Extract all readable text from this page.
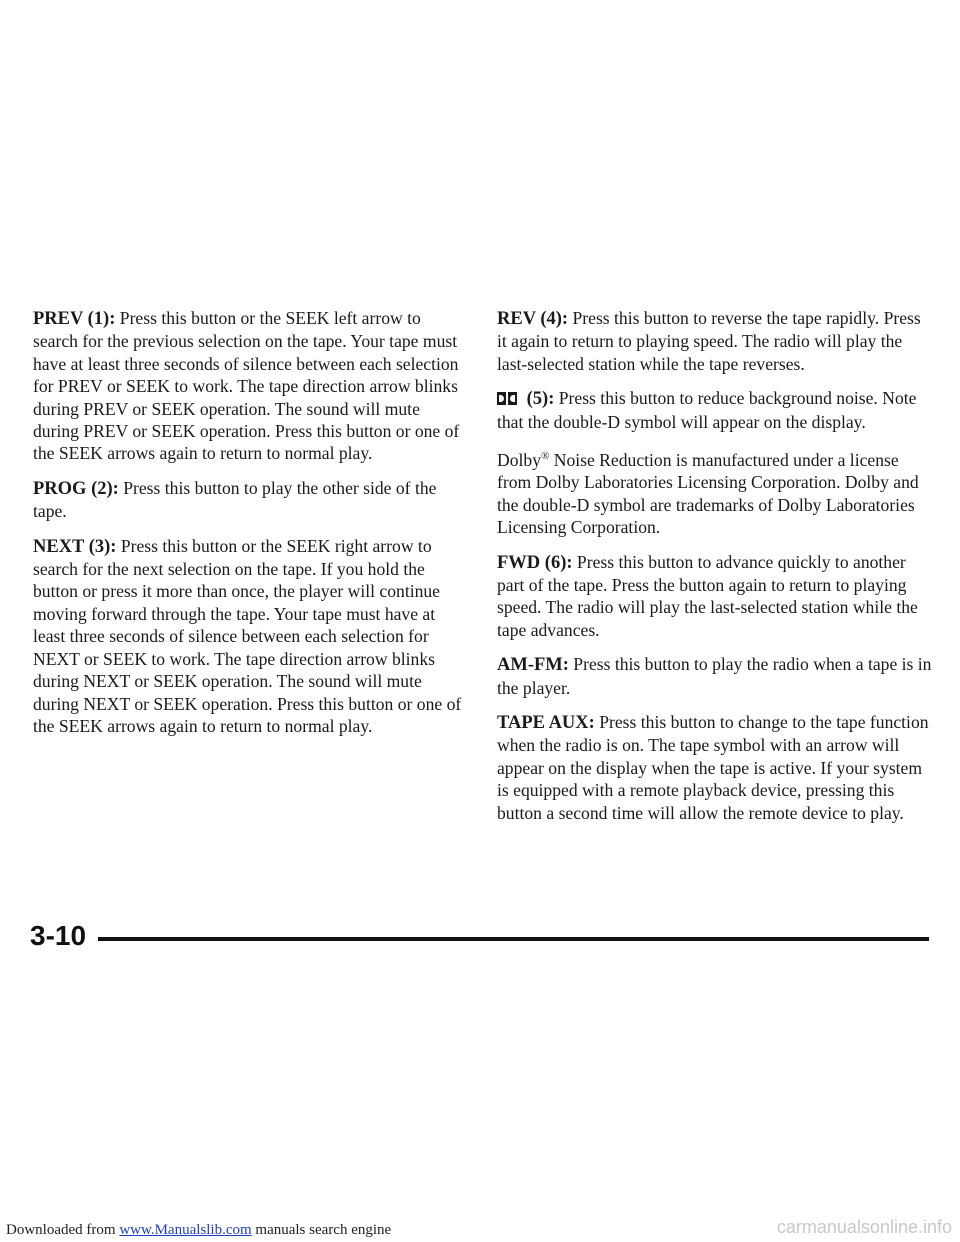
PREV (1): Press this button or the SEEK left arrow to search for the previous selection on the tape. Your tape must have at least three seconds of silence between each selection for PREV or SEEK to work. The tape direction arrow blinks during PREV or SEEK operation. The sound will mute during PREV or SEEK operation. Press this button or one of the SEEK arrows again to return to normal play.

PROG (2): Press this button to play the other side of the tape.

NEXT (3): Press this button or the SEEK right arrow to search for the next selection on the tape. If you hold the button or press it more than once, the player will continue moving forward through the tape. Your tape must have at least three seconds of silence between each selection for NEXT or SEEK to work. The tape direction arrow blinks during NEXT or SEEK operation. The sound will mute during NEXT or SEEK operation. Press this button or one of the SEEK arrows again to return to normal play.

REV (4): Press this button to reverse the tape rapidly. Press it again to return to playing speed. The radio will play the last-selected station while the tape reverses.

(5): Press this button to reduce background noise. Note that the double-D symbol will appear on the display.

Dolby® Noise Reduction is manufactured under a license from Dolby Laboratories Licensing Corporation. Dolby and the double-D symbol are trademarks of Dolby Laboratories Licensing Corporation.

FWD (6): Press this button to advance quickly to another part of the tape. Press the button again to return to playing speed. The radio will play the last-selected station while the tape advances.

AM-FM: Press this button to play the radio when a tape is in the player.

TAPE AUX: Press this button to change to the tape function when the radio is on. The tape symbol with an arrow will appear on the display when the tape is active. If your system is equipped with a remote playback device, pressing this button a second time will allow the remote device to play.

3-10
Downloaded from www.Manualslib.com manuals search engine	carmanualsonline.info
